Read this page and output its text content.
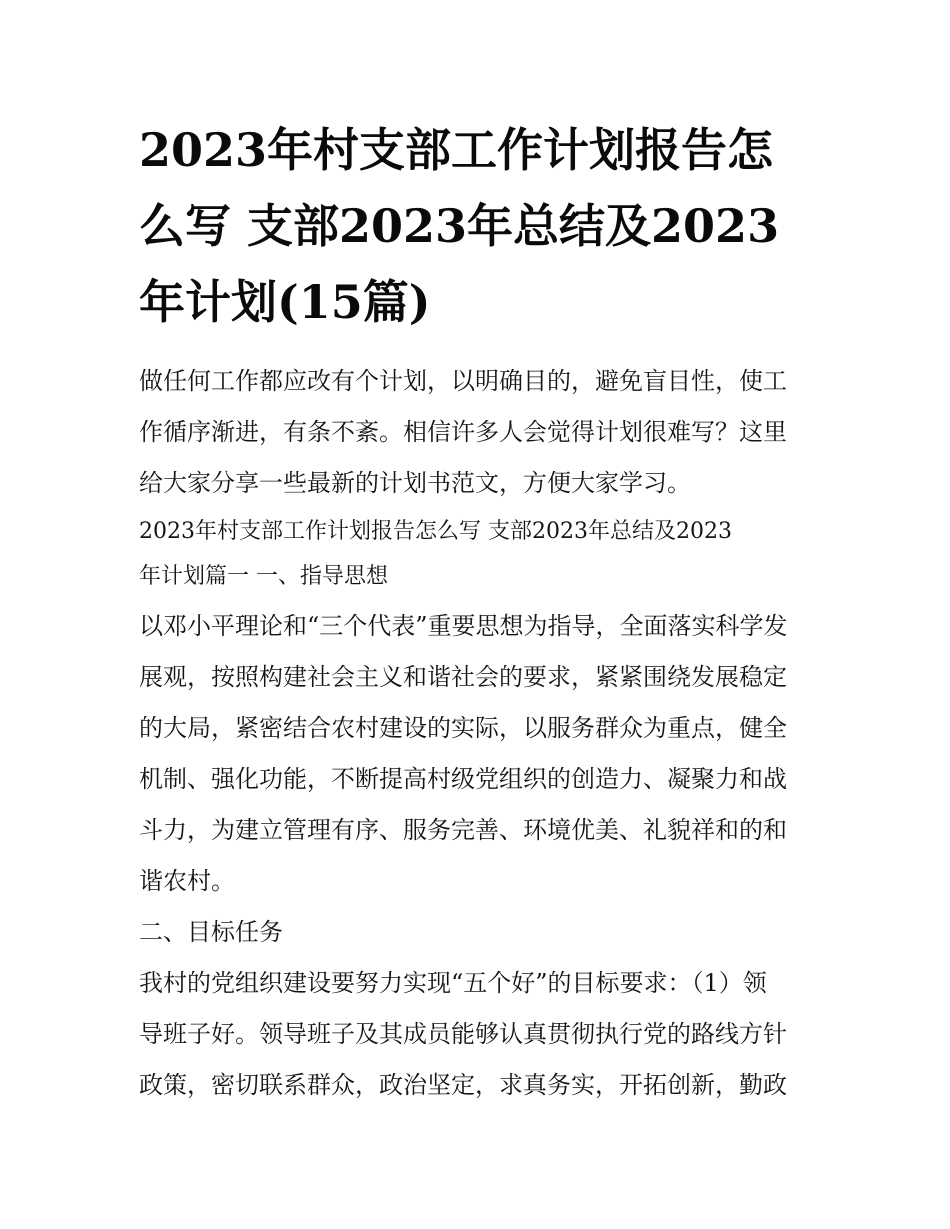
2023年村支部工作计划报告怎
么写 支部2023年总结及2023
年计划(15篇)

做任何工作都应改有个计划，以明确目的，避免盲目性，使工
作循序渐进，有条不紊。相信许多人会觉得计划很难写？这里
给大家分享一些最新的计划书范文，方便大家学习。

2023年村支部工作计划报告怎么写 支部2023年总结及2023
年计划篇一 一、指导思想

以邓小平理论和“三个代表”重要思想为指导，全面落实科学发
展观，按照构建社会主义和谐社会的要求，紧紧围绕发展稳定
的大局，紧密结合农村建设的实际，以服务群众为重点，健全
机制、强化功能，不断提高村级党组织的创造力、凝聚力和战
斗力，为建立管理有序、服务完善、环境优美、礼貌祥和的和
谐农村。

二、目标任务

我村的党组织建设要努力实现“五个好”的目标要求：（1）领
导班子好。领导班子及其成员能够认真贯彻执行党的路线方针
政策，密切联系群众，政治坚定，求真务实，开拓创新，勤政
